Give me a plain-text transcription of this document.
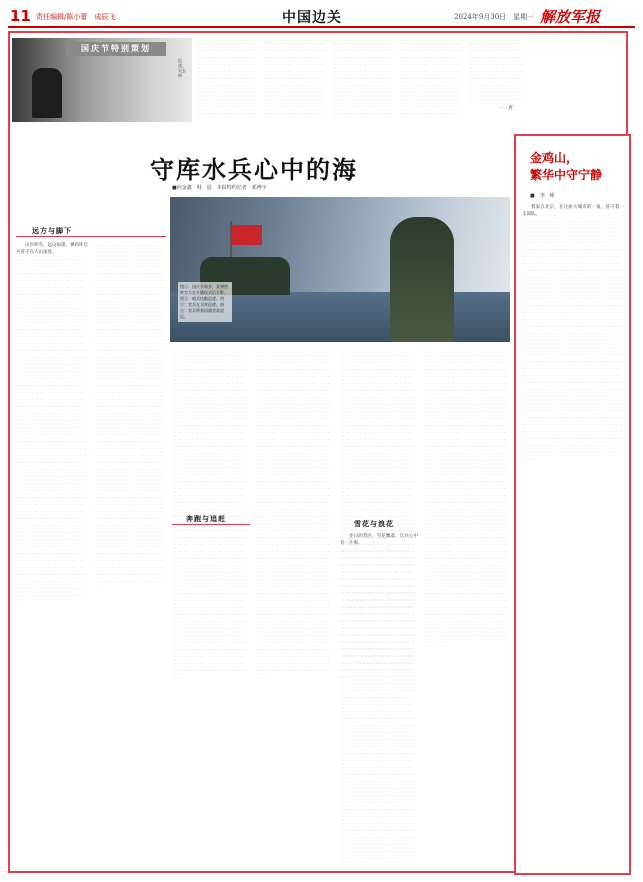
11 责任编辑/陈小蕾　成辰飞	中国边关	2024年9月30日　星期一 解放军报
国庆节特别策划
巡逻。吴玄摄
一一 一一一 一一一一一 一一 一一一一 一一一 一一一一 一一 一一一一一 一一一 一一一 一一一一 一一 一一一一 一一一 一一一一一 一一 一一一 一一一一 一一 一一一一 一一一 一一一 一一一一一 一一 一一一一 一一一 一一一 一一一一 一一 一一一一一 一一一 一一一一 一一 一一一 一一一一一 一一 一一一一 一一一 一一 一一一一 一一一一一 一一 一一一 一一一一 一一 一一一一一 一一一 一一一 一一一一 一一 一一一一 一一一一一 一一 一一一 一一一一 一一 一一一一 一一一 一一一一一 一一 一一一 一一一一 一一 一一一一 一一一 一一一 一一一一一 一一 一一一一 一一一 一一 一一一一 一一一一一 一一 一一一 一一一一 一一 一一一一一 一一一 一一一 一一一一 一一 一一一一 一一一一一 一一 一一一 一一一一 一一 一一一一 一一一 一一一一一 一一 一一一 一一一一 一一 一一一一 一一一 一一一 一一一一一 一一 一一一一 一一一 一一 一一一一 一一一一一 一一 一一一 一一一一 一一 一一一一一 一一一 一一一 一一一一 一一 一一一一 一一一一一 一一 一一一 一一一一 一一 一一一一 一一一 一一一一一 一一 一一一 一一一一 一一 一一一一 一一一 一一一 一一一一一 一一 一一一一 一一一 一一 一一一一 一一一一一 一一 一一一 一一一一 一一 一一一一一 一一一 一一一 一一一一 一一 一一一一 一一一一一 一一 一一一 一一一一 一一 一一一一 一一一 一一一一一 一一 一一一 一一一一 一一 一一一一 一一一 一一一 一一一一一 一一 一一一一 一一一 一一 一一一一 一一一一一 一一 一一一 一一一一 一一 一一一一一 一一一 一一一 一一一一 一一 一一一一 一一一一一 一一 一一一 一一一一 一一 一一一一 一一一 一一一一一 一一 一一一 一一一一 一一 一一一一 一一一 一一一 一一一一一 一一 一一一一 一一一 一一 一一一一 一一一一一 一一 一一一 一一一一 一一 一一一一一 一一一 一一一 一一一一 一一 一一一一 一一一一一 一一 一一一 一一一一 一一 一一一一 一一一 一一一一一 一一 一一一 一一一一 一一 一一一一 一一一 一一一 一一一一一 一一 一一一一 一一一 一一 一一一一 一一一一一 一一 一一一 一一一一
一一 一一一 一一一一一 一一 一一一一 一一一 一一一一 一一 一一一一一 一一一 一一一 一一一一 一一 一一一一 一一一 一一一一一 一一 一一一 一一一一 一一 一一一一 一一一 一一一 一一一一一 一一 一一一一 一一一 一一一 一一一一 一一 一一一一一 一一一 一一一一 一一 一一一 一一一一一 一一 一一一一 一一一 一一 一一一一 一一一一一 一一 一一一 一一一一 一一 一一一一一 一一一 一一一 一一一一 一一 一一一一 一一一一一 一一 一一一 一一一一 一一 一一一一 一一一 一一一一一 一一 一一一 一一一一 一一 一一一一 一一一 一一一 一一一一一 一一 一一一一 一一一 一一 一一一一 一一一一一 一一 一一一 一一一一 一一 一一一一一 一一一 一一一 一一一一 一一 一一一一 一一一一一 一一 一一一 一一一一 一一 一一一一 一一一 一一一一一 一一 一一一 一一一一 一一 一一一一 一一一 一一一 一一一一一 一一 一一一一 一一一 一一 一一一一 一一一一一 一一 一一一 一一一一 一一 一一一一一 一一一 一一一 一一一一 一一 一一一一 一一一一一 一一 一一一 一一一一 一一 一一一一 一一一 一一一一一 一一 一一一 一一一一 一一 一一一一 一一一 一一一 一一一一一 一一 一一一一 一一一 一一 一一一一 一一一一一 一一 一一一 一一一一 一一 一一一一一 一一一 一一一 一一一一 一一 一一一一 一一一一一 一一 一一一 一一一一 一一 一一一一 一一一 一一一一一 一一 一一一 一一一一 一一 一一一一 一一一 一一一 一一一一一 一一 一一一一 一一一 一一 一一一一 一一一一一 一一 一一一 一一一一 一一 一一一一一 一一一 一一一 一一一一 一一 一一一一 一一一一一 一一 一一一 一一一一 一一 一一一一 一一一 一一一一一 一一 一一一 一一一一 一一 一一一一 一一一 一一一 一一一一一 一一 一一一一 一一一 一一 一一一一 一一一一一 一一 一一一 一一一一 一一 一一一一一 一一一 一一一 一一一一 一一 一一一一 一一一一一 一一 一一一 一一一一 一一 一一一一 一一一 一一一一一 一一 一一一 一一一一 一一 一一一一 一一一 一一一 一一一一一 一一 一一一一 一一一 一一 一一一一 一一一一一 一一 一一一 一一一一
一一 一一一 一一一一一 一一 一一一一 一一一 一一一一 一一 一一一一一 一一一 一一一 一一一一 一一 一一一一 一一一 一一一一一 一一 一一一 一一一一 一一 一一一一 一一一 一一一 一一一一一 一一 一一一一 一一一 一一一 一一一一 一一 一一一一一 一一一 一一一一 一一 一一一 一一一一一 一一 一一一一 一一一 一一 一一一一 一一一一一 一一 一一一 一一一一 一一 一一一一一 一一一 一一一 一一一一 一一 一一一一 一一一一一 一一 一一一 一一一一 一一 一一一一 一一一 一一一一一 一一 一一一 一一一一 一一 一一一一 一一一 一一一 一一一一一 一一 一一一一 一一一 一一 一一一一 一一一一一 一一 一一一 一一一一 一一 一一一一一 一一一 一一一 一一一一 一一 一一一一 一一一一一 一一 一一一 一一一一 一一 一一一一 一一一 一一一一一 一一 一一一 一一一一 一一 一一一一 一一一 一一一 一一一一一 一一 一一一一 一一一 一一 一一一一 一一一一一 一一 一一一 一一一一 一一 一一一一一 一一一 一一一 一一一一 一一 一一一一 一一一一一 一一 一一一 一一一一 一一 一一一一 一一一 一一一一一 一一 一一一 一一一一 一一 一一一一 一一一 一一一 一一一一一 一一 一一一一 一一一 一一 一一一一 一一一一一 一一 一一一 一一一一 一一 一一一一一 一一一 一一一 一一一一 一一 一一一一 一一一一一 一一 一一一 一一一一 一一 一一一一 一一一 一一一一一 一一 一一一 一一一一 一一 一一一一 一一一 一一一 一一一一一 一一 一一一一 一一一 一一 一一一一 一一一一一 一一 一一一 一一一一 一一 一一一一一 一一一 一一一 一一一一 一一 一一一一 一一一一一 一一 一一一 一一一一 一一 一一一一 一一一 一一一一一 一一 一一一 一一一一 一一 一一一一 一一一 一一一 一一一一一 一一 一一一一 一一一 一一 一一一一 一一一一一 一一 一一一 一一一一 一一 一一一一一 一一一 一一一 一一一一 一一 一一一一 一一一一一 一一 一一一 一一一一 一一 一一一一 一一一 一一一一一 一一 一一一 一一一一 一一 一一一一 一一一 一一一 一一一一一 一一 一一一一 一一一 一一 一一一一 一一一一一 一一 一一一 一一一一
一一 一一一 一一一一一 一一 一一一一 一一一 一一一一 一一 一一一一一 一一一 一一一 一一一一 一一 一一一一 一一一 一一一一一 一一 一一一 一一一一 一一 一一一一 一一一 一一一 一一一一一 一一 一一一一 一一一 一一一 一一一一 一一 一一一一一 一一一 一一一一 一一 一一一 一一一一一 一一 一一一一 一一一 一一 一一一一 一一一一一 一一 一一一 一一一一 一一 一一一一一 一一一 一一一 一一一一 一一 一一一一 一一一一一 一一 一一一 一一一一 一一 一一一一 一一一 一一一一一 一一 一一一 一一一一 一一 一一一一 一一一 一一一 一一一一一 一一 一一一一 一一一 一一 一一一一 一一一一一 一一 一一一 一一一一 一一 一一一一一 一一一 一一一 一一一一 一一 一一一一 一一一一一 一一 一一一 一一一一 一一 一一一一 一一一 一一一一一 一一 一一一 一一一一 一一 一一一一 一一一 一一一 一一一一一 一一 一一一一 一一一 一一 一一一一 一一一一一 一一 一一一 一一一一 一一 一一一一一 一一一 一一一 一一一一 一一 一一一一 一一一一一 一一 一一一 一一一一 一一 一一一一 一一一 一一一一一 一一 一一一 一一一一 一一 一一一一 一一一 一一一 一一一一一 一一 一一一一 一一一 一一 一一一一 一一一一一 一一 一一一 一一一一 一一 一一一一一 一一一 一一一 一一一一 一一 一一一一 一一一一一 一一 一一一 一一一一 一一 一一一一 一一一 一一一一一 一一 一一一 一一一一 一一 一一一一 一一一 一一一 一一一一一 一一 一一一一 一一一 一一 一一一一 一一一一一 一一 一一一 一一一一 一一 一一一一一 一一一 一一一 一一一一 一一 一一一一 一一一一一 一一 一一一 一一一一 一一 一一一一 一一一 一一一一一 一一 一一一 一一一一 一一 一一一一 一一一 一一一 一一一一一 一一 一一一一 一一一 一一 一一一一 一一一一一 一一 一一一 一一一一 一一 一一一一一 一一一 一一一 一一一一 一一 一一一一 一一一一一 一一 一一一 一一一一 一一 一一一一 一一一 一一一一一 一一 一一一 一一一一 一一 一一一一 一一一 一一一 一一一一一 一一 一一一一 一一一 一一 一一一一 一一一一一 一一 一一一 一一一一
一一 一一一 一一一一一 一一 一一一一 一一一 一一一一 一一 一一一一一 一一一 一一一 一一一一 一一 一一一一 一一一 一一一一一 一一 一一一 一一一一 一一 一一一一 一一一 一一一 一一一一一 一一 一一一一 一一一 一一一 一一一一 一一 一一一一一 一一一 一一一一 一一 一一一 一一一一一 一一 一一一一 一一一 一一 一一一一 一一一一一 一一 一一一 一一一一 一一 一一一一一 一一一 一一一 一一一一 一一 一一一一 一一一一一 一一 一一一 一一一一 一一 一一一一 一一一 一一一一一 一一 一一一 一一一一 一一 一一一一 一一一 一一一 一一一一一 一一 一一一一 一一一 一一 一一一一 一一一一一 一一 一一一 一一一一 一一 一一一一一 一一一 一一一 一一一一 一一 一一一一 一一一一一 一一 一一一 一一一一 一一 一一一一 一一一 一一一一一 一一 一一一 一一一一 一一 一一一一 一一一 一一一 一一一一一 一一 一一一一 一一一 一一 一一一一 一一一一一 一一 一一一 一一一一 一一 一一一一一 一一一 一一一 一一一一 一一 一一一一 一一一一一 一一 一一一 一一一一 一一 一一一一 一一一 一一一一一 一一 一一一 一一一一 一一 一一一一 一一一 一一一 一一一一一 一一 一一一一 一一一 一一 一一一一 一一一一一 一一 一一一 一一一一 一一 一一一一一 一一一 一一一 一一一一 一一 一一一一 一一一一一 一一 一一一 一一一一 一一 一一一一 一一一 一一一一一 一一 一一一 一一一一 一一 一一一一 一一一 一一一 一一一一一 一一 一一一一 一一一 一一 一一一一 一一一一一 一一 一一一 一一一一 一一 一一一一一 一一一 一一一 一一一一 一一 一一一一 一一一一一 一一 一一一 一一一一 一一 一一一一 一一一 一一一一一 一一 一一一 一一一一 一一 一一一一 一一一 一一一 一一一一一 一一 一一一一 一一一 一一 一一一一 一一一一一 一一 一一一 一一一一 一一 一一一一一 一一一 一一一 一一一一 一一 一一一一 一一一一一 一一 一一一 一一一一 一一 一一一一 一一一 一一一一一 一一 一一一 一一一一 一一 一一一一 一一一 一一一 一一一一一 一一 一一一一 一一一 一一 一一一一 一一一一一 一一 一一一 一一一一
一一 唐
守库水兵心中的海
■向金鑫　韩　晨　本报特约记者　邓博宇
图①：国庆节前夕，某弹药库官兵在升旗仪式后合影。图②：哨兵执勤巡逻。图③：官兵在水库巡逻。图④：官兵带着国旗登高望远。
远方与脚下
山岸积雪，远山如黛，弹药库官兵驻守在大山深处。
一一 一一一 一一一一一 一一 一一一一 一一一 一一一一 一一 一一一一一 一一一 一一一 一一一一 一一 一一一一 一一一 一一一一一 一一 一一一 一一一一 一一 一一一一 一一一 一一一 一一一一一 一一 一一一一 一一一 一一一 一一一一 一一 一一一一一 一一一 一一一一 一一 一一一 一一一一一 一一 一一一一 一一一 一一 一一一一 一一一一一 一一 一一一 一一一一 一一 一一一一一 一一一 一一一 一一一一 一一 一一一一 一一一一一 一一 一一一 一一一一 一一 一一一一 一一一 一一一一一 一一 一一一 一一一一 一一 一一一一 一一一 一一一 一一一一一 一一 一一一一 一一一 一一 一一一一 一一一一一 一一 一一一 一一一一 一一 一一一一一 一一一 一一一 一一一一 一一 一一一一 一一一一一 一一 一一一 一一一一 一一 一一一一 一一一 一一一一一 一一 一一一 一一一一 一一 一一一一 一一一 一一一 一一一一一 一一 一一一一 一一一 一一 一一一一 一一一一一 一一 一一一 一一一一 一一 一一一一一 一一一 一一一 一一一一 一一 一一一一 一一一一一 一一 一一一 一一一一 一一 一一一一 一一一 一一一一一 一一 一一一 一一一一 一一 一一一一 一一一 一一一 一一一一一 一一 一一一一 一一一 一一 一一一一 一一一一一 一一 一一一 一一一一 一一 一一一一一 一一一 一一一 一一一一 一一 一一一一 一一一一一 一一 一一一 一一一一 一一 一一一一 一一一 一一一一一 一一 一一一 一一一一 一一 一一一一 一一一 一一一 一一一一一 一一 一一一一 一一一 一一 一一一一 一一一一一 一一 一一一 一一一一 一一 一一一一一 一一一 一一一 一一一一 一一 一一一一 一一一一一 一一 一一一 一一一一 一一 一一一一 一一一 一一一一一 一一 一一一 一一一一 一一 一一一一 一一一 一一一 一一一一一 一一 一一一一 一一一 一一 一一一一 一一一一一 一一 一一一 一一一一 一一 一一一一一 一一一 一一一 一一一一 一一 一一一一 一一一一一 一一 一一一 一一一一 一一 一一一一 一一一 一一一一一 一一 一一一 一一一一 一一 一一一一 一一一 一一一 一一一一一 一一 一一一一 一一一 一一 一一一一 一一一一一 一一 一一一 一一一一
一一 一一一 一一一一一 一一 一一一一 一一一 一一一一 一一 一一一一一 一一一 一一一 一一一一 一一 一一一一 一一一 一一一一一 一一 一一一 一一一一 一一 一一一一 一一一 一一一 一一一一一 一一 一一一一 一一一 一一一 一一一一 一一 一一一一一 一一一 一一一一 一一 一一一 一一一一一 一一 一一一一 一一一 一一 一一一一 一一一一一 一一 一一一 一一一一 一一 一一一一一 一一一 一一一 一一一一 一一 一一一一 一一一一一 一一 一一一 一一一一 一一 一一一一 一一一 一一一一一 一一 一一一 一一一一 一一 一一一一 一一一 一一一 一一一一一 一一 一一一一 一一一 一一 一一一一 一一一一一 一一 一一一 一一一一 一一 一一一一一 一一一 一一一 一一一一 一一 一一一一 一一一一一 一一 一一一 一一一一 一一 一一一一 一一一 一一一一一 一一 一一一 一一一一 一一 一一一一 一一一 一一一 一一一一一 一一 一一一一 一一一 一一 一一一一 一一一一一 一一 一一一 一一一一 一一 一一一一一 一一一 一一一 一一一一 一一 一一一一 一一一一一 一一 一一一 一一一一 一一 一一一一 一一一 一一一一一 一一 一一一 一一一一 一一 一一一一 一一一 一一一 一一一一一 一一 一一一一 一一一 一一 一一一一 一一一一一 一一 一一一 一一一一 一一 一一一一一 一一一 一一一 一一一一 一一 一一一一 一一一一一 一一 一一一 一一一一 一一 一一一一 一一一 一一一一一 一一 一一一 一一一一 一一 一一一一 一一一 一一一 一一一一一 一一 一一一一 一一一 一一 一一一一 一一一一一 一一 一一一 一一一一 一一 一一一一一 一一一 一一一 一一一一 一一 一一一一 一一一一一 一一 一一一 一一一一 一一 一一一一 一一一 一一一一一 一一 一一一 一一一一 一一 一一一一 一一一 一一一 一一一一一 一一 一一一一 一一一 一一 一一一一 一一一一一 一一 一一一 一一一一 一一 一一一一一 一一一 一一一 一一一一 一一 一一一一 一一一一一 一一 一一一 一一一一 一一 一一一一 一一一 一一一一一 一一 一一一 一一一一 一一 一一一一 一一一 一一一 一一一一一 一一 一一一一 一一一 一一 一一一一 一一一一一 一一 一一一 一一一一
一一 一一一 一一一一一 一一 一一一一 一一一 一一一一 一一 一一一一一 一一一 一一一 一一一一 一一 一一一一 一一一 一一一一一 一一 一一一 一一一一 一一 一一一一 一一一 一一一 一一一一一 一一 一一一一 一一一 一一一 一一一一 一一 一一一一一 一一一 一一一一 一一 一一一 一一一一一 一一 一一一一 一一一 一一 一一一一 一一一一一 一一 一一一 一一一一 一一 一一一一一 一一一 一一一 一一一一 一一 一一一一 一一一一一 一一 一一一 一一一一 一一 一一一一 一一一 一一一一一 一一 一一一 一一一一 一一 一一一一 一一一 一一一 一一一一一 一一 一一一一 一一一 一一 一一一一 一一一一一 一一 一一一 一一一一 一一 一一一一一 一一一 一一一 一一一一 一一 一一一一 一一一一一 一一 一一一 一一一一 一一 一一一一 一一一 一一一一一 一一 一一一 一一一一 一一 一一一一 一一一 一一一 一一一一一 一一 一一一一 一一一 一一 一一一一 一一一一一 一一 一一一 一一一一 一一 一一一一一 一一一 一一一 一一一一 一一 一一一一 一一一一一 一一 一一一 一一一一 一一 一一一一 一一一 一一一一一 一一 一一一 一一一一 一一 一一一一 一一一 一一一 一一一一一 一一 一一一一 一一一 一一 一一一一 一一一一一 一一 一一一 一一一一 一一 一一一一一 一一一 一一一 一一一一 一一 一一一一 一一一一一 一一 一一一 一一一一 一一 一一一一 一一一 一一一一一 一一 一一一 一一一一 一一 一一一一 一一一 一一一 一一一一一 一一 一一一一 一一一 一一 一一一一 一一一一一 一一 一一一 一一一一 一一 一一一一一 一一一 一一一 一一一一 一一 一一一一 一一一一一 一一 一一一 一一一一 一一 一一一一 一一一 一一一一一 一一 一一一 一一一一 一一 一一一一 一一一 一一一 一一一一一 一一 一一一一 一一一 一一 一一一一 一一一一一 一一 一一一 一一一一 一一 一一一一一 一一一 一一一 一一一一 一一 一一一一 一一一一一 一一 一一一 一一一一 一一 一一一一 一一一 一一一一一 一一 一一一 一一一一 一一 一一一一 一一一 一一一 一一一一一 一一 一一一一 一一一 一一 一一一一 一一一一一 一一 一一一 一一一一
奔跑与追赶
一一 一一一 一一一一一 一一 一一一一 一一一 一一一一 一一 一一一一一 一一一 一一一 一一一一 一一 一一一一 一一一 一一一一一 一一 一一一 一一一一 一一 一一一一 一一一 一一一 一一一一一 一一 一一一一 一一一 一一一 一一一一 一一 一一一一一 一一一 一一一一 一一 一一一 一一一一一 一一 一一一一 一一一 一一 一一一一 一一一一一 一一 一一一 一一一一 一一 一一一一一 一一一 一一一 一一一一 一一 一一一一 一一一一一 一一 一一一 一一一一 一一 一一一一 一一一 一一一一一 一一 一一一 一一一一 一一 一一一一 一一一 一一一 一一一一一 一一 一一一一 一一一 一一 一一一一 一一一一一 一一 一一一 一一一一 一一 一一一一一 一一一 一一一 一一一一 一一 一一一一 一一一一一 一一 一一一 一一一一 一一 一一一一 一一一 一一一一一 一一 一一一 一一一一 一一 一一一一 一一一 一一一 一一一一一 一一 一一一一 一一一 一一 一一一一 一一一一一 一一 一一一 一一一一 一一 一一一一一 一一一 一一一 一一一一 一一 一一一一 一一一一一 一一 一一一 一一一一 一一 一一一一 一一一 一一一一一 一一 一一一 一一一一 一一 一一一一 一一一 一一一 一一一一一 一一 一一一一 一一一 一一 一一一一 一一一一一 一一 一一一 一一一一 一一 一一一一一 一一一 一一一 一一一一 一一 一一一一 一一一一一 一一 一一一 一一一一 一一 一一一一 一一一 一一一一一 一一 一一一 一一一一 一一 一一一一 一一一 一一一 一一一一一 一一 一一一一 一一一 一一 一一一一 一一一一一 一一 一一一 一一一一 一一 一一一一一 一一一 一一一 一一一一 一一 一一一一 一一一一一 一一 一一一 一一一一 一一 一一一一 一一一 一一一一一 一一 一一一 一一一一 一一 一一一一 一一一 一一一 一一一一一 一一 一一一一 一一一 一一 一一一一 一一一一一 一一 一一一 一一一一 一一 一一一一一 一一一 一一一 一一一一 一一 一一一一 一一一一一 一一 一一一 一一一一 一一 一一一一 一一一 一一一一一 一一 一一一 一一一一 一一 一一一一 一一一 一一一 一一一一一 一一 一一一一 一一一 一一 一一一一 一一一一一 一一 一一一 一一一一
一一 一一一 一一一一一 一一 一一一一 一一一 一一一一 一一 一一一一一 一一一 一一一 一一一一 一一 一一一一 一一一 一一一一一 一一 一一一 一一一一 一一 一一一一 一一一 一一一 一一一一一 一一 一一一一 一一一 一一一 一一一一 一一 一一一一一 一一一 一一一一 一一 一一一 一一一一一 一一 一一一一 一一一 一一 一一一一 一一一一一 一一 一一一 一一一一 一一 一一一一一 一一一 一一一 一一一一 一一 一一一一 一一一一一 一一 一一一 一一一一 一一 一一一一 一一一 一一一一一 一一 一一一 一一一一 一一 一一一一 一一一 一一一 一一一一一 一一 一一一一 一一一 一一 一一一一 一一一一一 一一 一一一 一一一一 一一 一一一一一 一一一 一一一 一一一一 一一 一一一一 一一一一一 一一 一一一 一一一一 一一 一一一一 一一一 一一一一一 一一 一一一 一一一一 一一 一一一一 一一一 一一一 一一一一一 一一 一一一一 一一一 一一 一一一一 一一一一一 一一 一一一 一一一一 一一 一一一一一 一一一 一一一 一一一一 一一 一一一一 一一一一一 一一 一一一 一一一一 一一 一一一一 一一一 一一一一一 一一 一一一 一一一一 一一 一一一一 一一一 一一一 一一一一一 一一 一一一一 一一一 一一 一一一一 一一一一一 一一 一一一 一一一一 一一 一一一一一 一一一 一一一 一一一一 一一 一一一一 一一一一一 一一 一一一 一一一一 一一 一一一一 一一一 一一一一一 一一 一一一 一一一一 一一 一一一一 一一一 一一一 一一一一一 一一 一一一一 一一一 一一 一一一一 一一一一一 一一 一一一 一一一一 一一 一一一一一 一一一 一一一 一一一一 一一 一一一一 一一一一一 一一 一一一 一一一一 一一 一一一一 一一一 一一一一一 一一 一一一 一一一一 一一 一一一一 一一一 一一一 一一一一一 一一 一一一一 一一一 一一 一一一一 一一一一一 一一 一一一 一一一一 一一 一一一一一 一一一 一一一 一一一一 一一 一一一一 一一一一一 一一 一一一 一一一一 一一 一一一一 一一一 一一一一一 一一 一一一 一一一一 一一 一一一一 一一一 一一一 一一一一一 一一 一一一一 一一一 一一 一一一一 一一一一一 一一 一一一 一一一一
雪花与浪花
冬日的营区，雪花飘落，官兵心中有一片海。
一一 一一一 一一一一一 一一 一一一一 一一一 一一一一 一一 一一一一一 一一一 一一一 一一一一 一一 一一一一 一一一 一一一一一 一一 一一一 一一一一 一一 一一一一 一一一 一一一 一一一一一 一一 一一一一 一一一 一一一 一一一一 一一 一一一一一 一一一 一一一一 一一 一一一 一一一一一 一一 一一一一 一一一 一一 一一一一 一一一一一 一一 一一一 一一一一 一一 一一一一一 一一一 一一一 一一一一 一一 一一一一 一一一一一 一一 一一一 一一一一 一一 一一一一 一一一 一一一一一 一一 一一一 一一一一 一一 一一一一 一一一 一一一 一一一一一 一一 一一一一 一一一 一一 一一一一 一一一一一 一一 一一一 一一一一 一一 一一一一一 一一一 一一一 一一一一 一一 一一一一 一一一一一 一一 一一一 一一一一 一一 一一一一 一一一 一一一一一 一一 一一一 一一一一 一一 一一一一 一一一 一一一 一一一一一 一一 一一一一 一一一 一一 一一一一 一一一一一 一一 一一一 一一一一 一一 一一一一一 一一一 一一一 一一一一 一一 一一一一 一一一一一 一一 一一一 一一一一 一一 一一一一 一一一 一一一一一 一一 一一一 一一一一 一一 一一一一 一一一 一一一 一一一一一 一一 一一一一 一一一 一一 一一一一 一一一一一 一一 一一一 一一一一 一一 一一一一一 一一一 一一一 一一一一 一一 一一一一 一一一一一 一一 一一一 一一一一 一一 一一一一 一一一 一一一一一 一一 一一一 一一一一 一一 一一一一 一一一 一一一 一一一一一 一一 一一一一 一一一 一一 一一一一 一一一一一 一一 一一一 一一一一 一一 一一一一一 一一一 一一一 一一一一 一一 一一一一 一一一一一 一一 一一一 一一一一 一一 一一一一 一一一 一一一一一 一一 一一一 一一一一 一一 一一一一 一一一 一一一 一一一一一 一一 一一一一 一一一 一一 一一一一 一一一一一 一一 一一一 一一一一 一一 一一一一一 一一一 一一一 一一一一 一一 一一一一 一一一一一 一一 一一一 一一一一 一一 一一一一 一一一 一一一一一 一一 一一一 一一一一 一一 一一一一 一一一 一一一 一一一一一 一一 一一一一 一一一 一一 一一一一 一一一一一 一一 一一一 一一一一
一一 一一一 一一一一一 一一 一一一一 一一一 一一一一 一一 一一一一一 一一一 一一一 一一一一 一一 一一一一 一一一 一一一一一 一一 一一一 一一一一 一一 一一一一 一一一 一一一 一一一一一 一一 一一一一 一一一 一一一 一一一一 一一 一一一一一 一一一 一一一一 一一 一一一 一一一一一 一一 一一一一 一一一 一一 一一一一 一一一一一 一一 一一一 一一一一 一一 一一一一一 一一一 一一一 一一一一 一一 一一一一 一一一一一 一一 一一一 一一一一 一一 一一一一 一一一 一一一一一 一一 一一一 一一一一 一一 一一一一 一一一 一一一 一一一一一 一一 一一一一 一一一 一一 一一一一 一一一一一 一一 一一一 一一一一 一一 一一一一一 一一一 一一一 一一一一 一一 一一一一 一一一一一 一一 一一一 一一一一 一一 一一一一 一一一 一一一一一 一一 一一一 一一一一 一一 一一一一 一一一 一一一 一一一一一 一一 一一一一 一一一 一一 一一一一 一一一一一 一一 一一一 一一一一 一一 一一一一一 一一一 一一一 一一一一 一一 一一一一 一一一一一 一一 一一一 一一一一 一一 一一一一 一一一 一一一一一 一一 一一一 一一一一 一一 一一一一 一一一 一一一 一一一一一 一一 一一一一 一一一 一一 一一一一 一一一一一 一一 一一一 一一一一 一一 一一一一一 一一一 一一一 一一一一 一一 一一一一 一一一一一 一一 一一一 一一一一 一一 一一一一 一一一 一一一一一 一一 一一一 一一一一 一一 一一一一 一一一 一一一 一一一一一 一一 一一一一 一一一 一一 一一一一 一一一一一 一一 一一一 一一一一 一一 一一一一一 一一一 一一一 一一一一 一一 一一一一 一一一一一 一一 一一一 一一一一 一一 一一一一 一一一 一一一一一 一一 一一一 一一一一 一一 一一一一 一一一 一一一 一一一一一 一一 一一一一 一一一 一一 一一一一 一一一一一 一一 一一一 一一一一 一一 一一一一一 一一一 一一一 一一一一 一一 一一一一 一一一一一 一一 一一一 一一一一 一一 一一一一 一一一 一一一一一 一一 一一一 一一一一 一一 一一一一 一一一 一一一 一一一一一 一一 一一一一 一一一 一一 一一一一 一一一一一 一一 一一一 一一一一
金鸡山，
繁华中守宁静
■　李　彬
我家在北京，在这座大城市的一角，驻守着一支部队。
一一 一一一 一一一一一 一一 一一一一 一一一 一一一一 一一 一一一一一 一一一 一一一 一一一一 一一 一一一一 一一一 一一一一一 一一 一一一 一一一一 一一 一一一一 一一一 一一一 一一一一一 一一 一一一一 一一一 一一一 一一一一 一一 一一一一一 一一一 一一一一 一一 一一一 一一一一一 一一 一一一一 一一一 一一 一一一一 一一一一一 一一 一一一 一一一一 一一 一一一一一 一一一 一一一 一一一一 一一 一一一一 一一一一一 一一 一一一 一一一一 一一 一一一一 一一一 一一一一一 一一 一一一 一一一一 一一 一一一一 一一一 一一一 一一一一一 一一 一一一一 一一一 一一 一一一一 一一一一一 一一 一一一 一一一一 一一 一一一一一 一一一 一一一 一一一一 一一 一一一一 一一一一一 一一 一一一 一一一一 一一 一一一一 一一一 一一一一一 一一 一一一 一一一一 一一 一一一一 一一一 一一一 一一一一一 一一 一一一一 一一一 一一 一一一一 一一一一一 一一 一一一 一一一一 一一 一一一一一 一一一 一一一 一一一一 一一 一一一一 一一一一一 一一 一一一 一一一一 一一 一一一一 一一一 一一一一一 一一 一一一 一一一一 一一 一一一一 一一一 一一一 一一一一一 一一 一一一一 一一一 一一 一一一一 一一一一一 一一 一一一 一一一一 一一 一一一一一 一一一 一一一 一一一一 一一 一一一一 一一一一一 一一 一一一 一一一一 一一 一一一一 一一一 一一一一一 一一 一一一 一一一一 一一 一一一一 一一一 一一一 一一一一一 一一 一一一一 一一一 一一 一一一一 一一一一一 一一 一一一 一一一一 一一 一一一一一 一一一 一一一 一一一一 一一 一一一一 一一一一一 一一 一一一 一一一一 一一 一一一一 一一一 一一一一一 一一 一一一 一一一一 一一 一一一一 一一一 一一一 一一一一一 一一 一一一一 一一一 一一 一一一一 一一一一一 一一 一一一 一一一一 一一 一一一一一 一一一 一一一 一一一一 一一 一一一一 一一一一一 一一 一一一 一一一一 一一 一一一一 一一一 一一一一一 一一 一一一 一一一一 一一 一一一一 一一一 一一一 一一一一一 一一 一一一一 一一一 一一 一一一一 一一一一一 一一 一一一 一一一一
